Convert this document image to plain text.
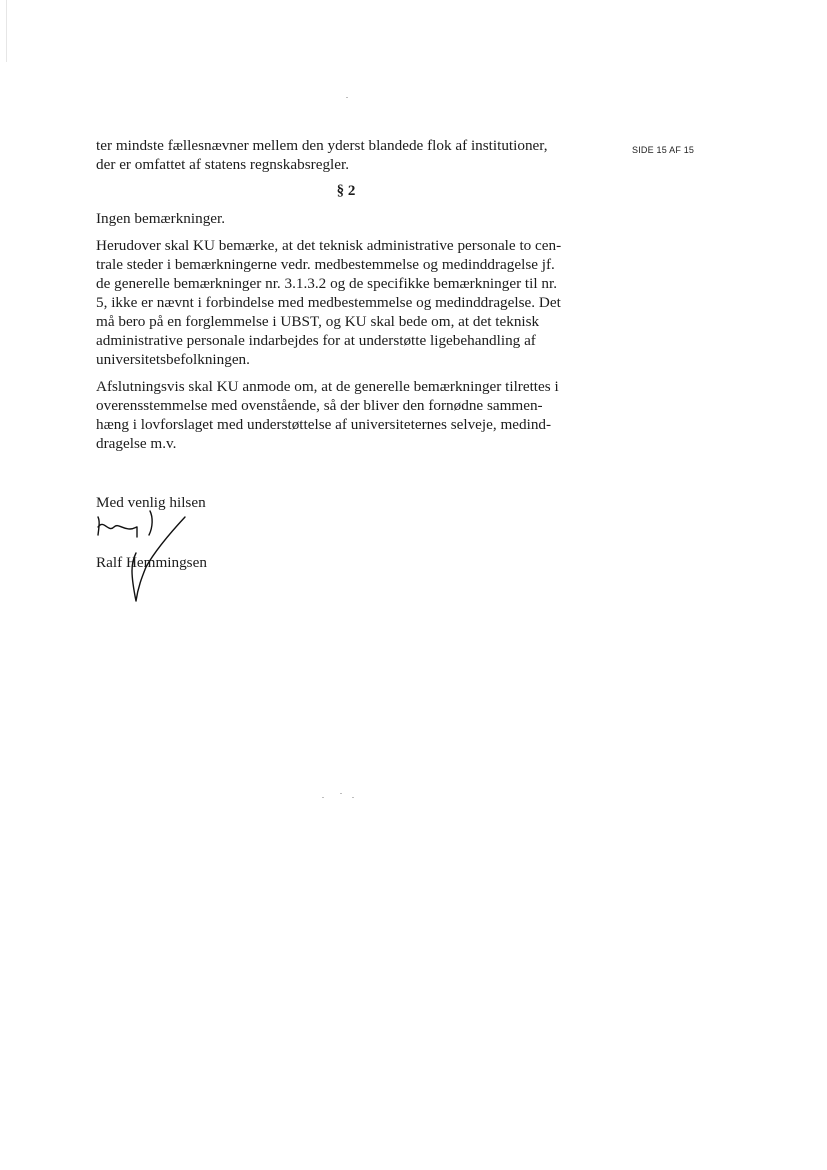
SIDE 15 AF 15
ter mindste fællesnævner mellem den yderst blandede flok af institutioner,
der er omfattet af statens regnskabsregler.
§ 2
Ingen bemærkninger.
Herudover skal KU bemærke, at det teknisk administrative personale to cen-
trale steder i bemærkningerne vedr. medbestemmelse og medinddragelse jf.
de generelle bemærkninger nr. 3.1.3.2 og de specifikke bemærkninger til nr.
5, ikke er nævnt i forbindelse med medbestemmelse og medinddragelse. Det
må bero på en forglemmelse i UBST, og KU skal bede om, at det teknisk
administrative personale indarbejdes for at understøtte ligebehandling af
universitetsbefolkningen.
Afslutningsvis skal KU anmode om, at de generelle bemærkninger tilrettes i
overensstemmelse med ovenstående, så der bliver den fornødne sammen-
hæng i lovforslaget med understøttelse af universiteternes selveje, medind-
dragelse m.v.
Med venlig hilsen
Ralf Hemmingsen
